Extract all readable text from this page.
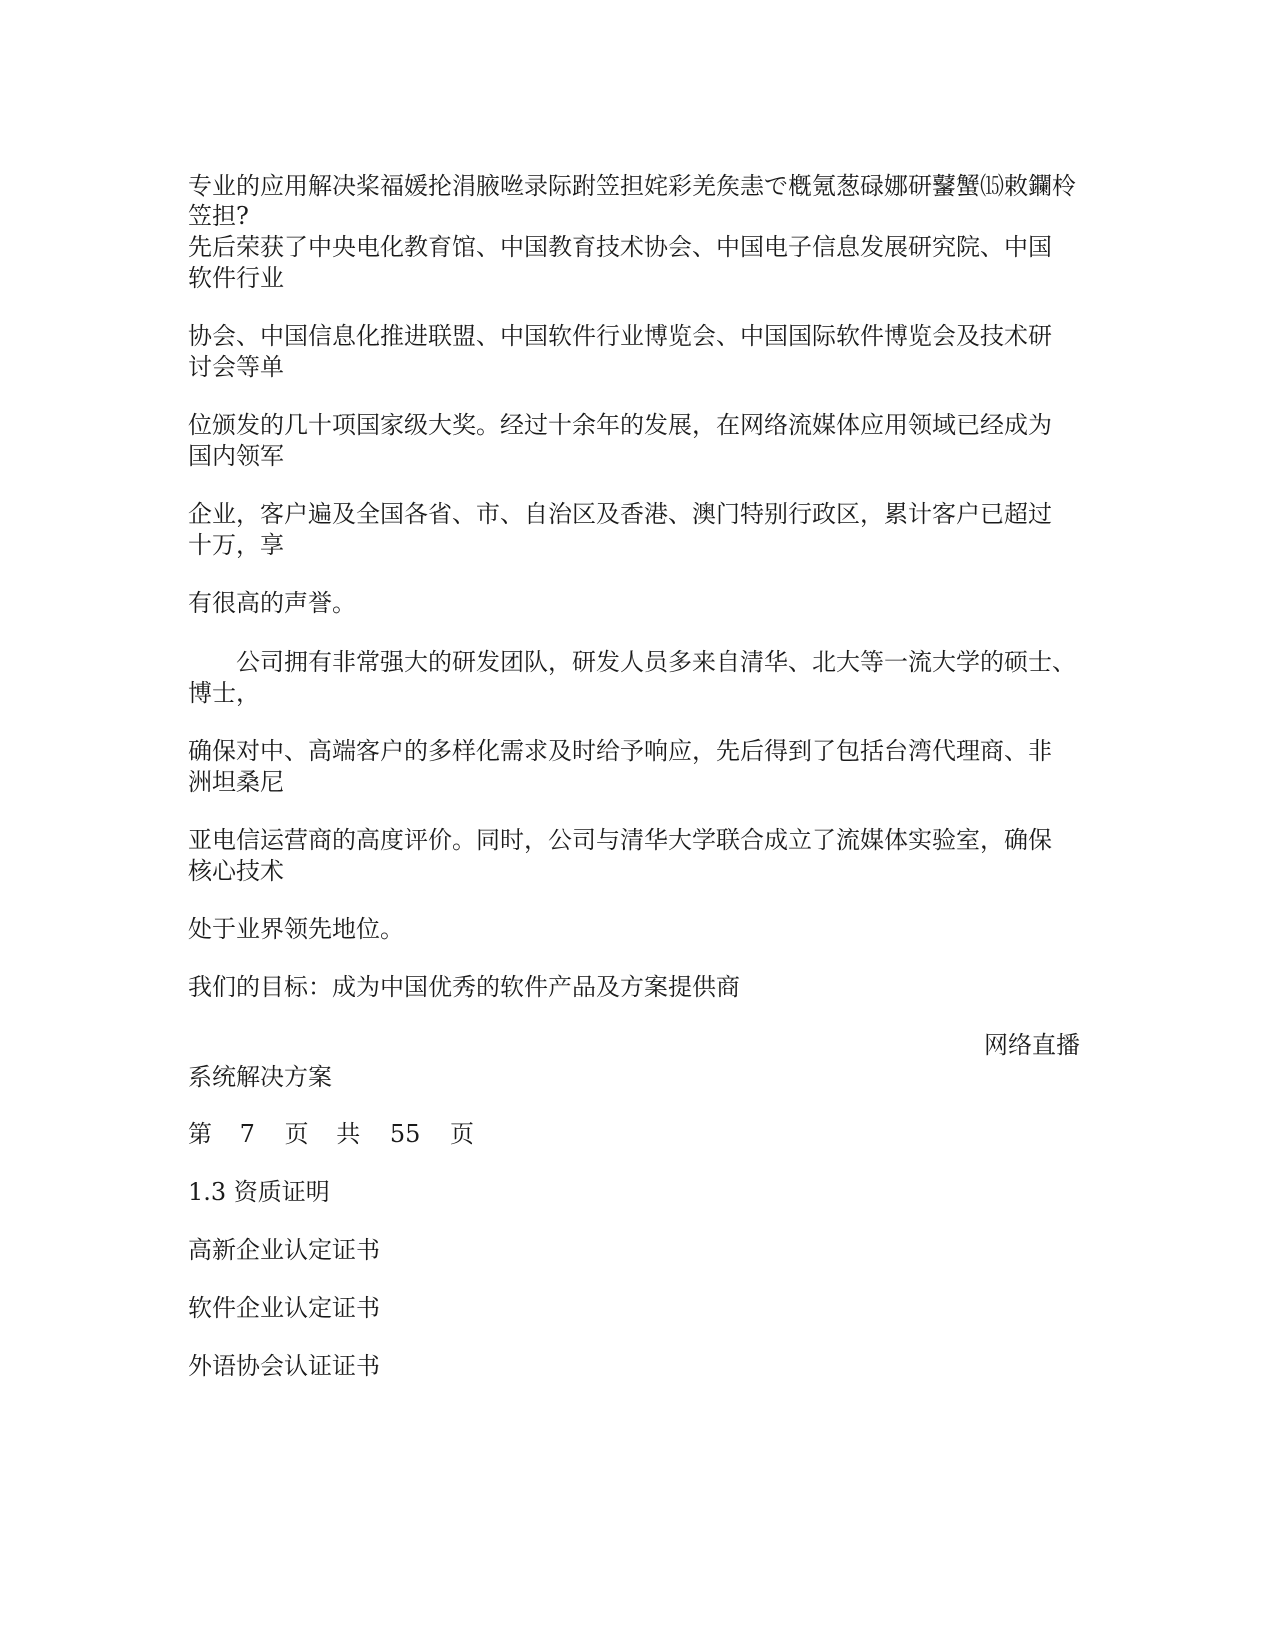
专业的应用解决桨福媛抡涓腋咝录际跗笠担姹彩羌矦恚で槪氪葱碌娜研鼜蟹⒂敕鑭柃

笠担?

先后荣获了中央电化教育馆、中国教育技术协会、中国电子信息发展研究院、中国

软件行业

协会、中国信息化推进联盟、中国软件行业博览会、中国国际软件博览会及技术研

讨会等单

位颁发的几十项国家级大奖。经过十余年的发展，在网络流媒体应用领域已经成为

国内领军

企业，客户遍及全国各省、市、自治区及香港、澳门特别行政区，累计客户已超过

十万，享

有很高的声誉。

公司拥有非常强大的研发团队，研发人员多来自清华、北大等一流大学的硕士、

博士，

确保对中、高端客户的多样化需求及时给予响应，先后得到了包括台湾代理商、非

洲坦桑尼

亚电信运营商的高度评价。同时，公司与清华大学联合成立了流媒体实验室，确保

核心技术

处于业界领先地位。

我们的目标：成为中国优秀的软件产品及方案提供商

网络直播

系统解决方案

第 7 页 共 55 页

1.3 资质证明

高新企业认定证书

软件企业认定证书

外语协会认证证书
